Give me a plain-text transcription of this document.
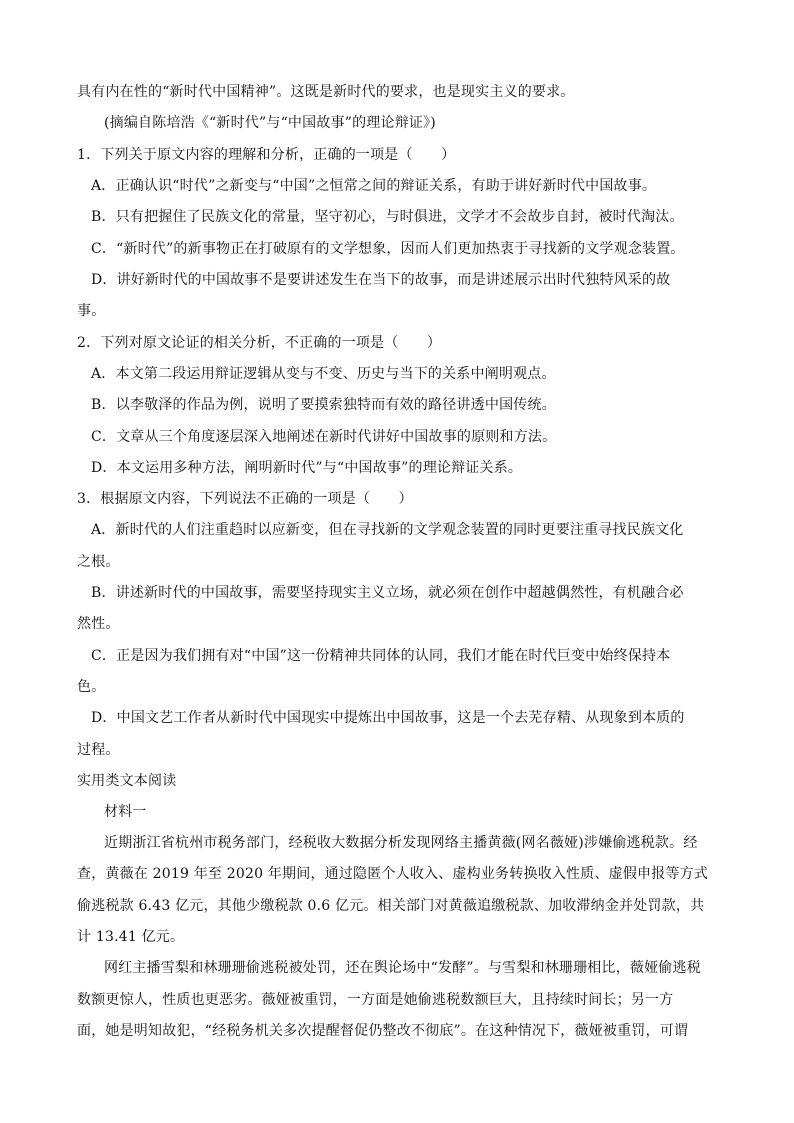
具有内在性的“新时代中国精神”。这既是新时代的要求，也是现实主义的要求。
(摘编自陈培浩《“新时代”与“中国故事”的理论辩证》)
1．下列关于原文内容的理解和分析，正确的一项是（　　）
A．正确认识“时代”之新变与“中国”之恒常之间的辩证关系，有助于讲好新时代中国故事。
B．只有把握住了民族文化的常量，坚守初心，与时俱进，文学才不会故步自封，被时代淘汰。
C．“新时代”的新事物正在打破原有的文学想象，因而人们更加热衷于寻找新的文学观念装置。
D．讲好新时代的中国故事不是要讲述发生在当下的故事，而是讲述展示出时代独特风采的故
事。
2．下列对原文论证的相关分析，不正确的一项是（　　）
A．本文第二段运用辩证逻辑从变与不变、历史与当下的关系中阐明观点。
B．以李敬泽的作品为例，说明了要摸索独特而有效的路径讲透中国传统。
C．文章从三个角度逐层深入地阐述在新时代讲好中国故事的原则和方法。
D．本文运用多种方法，阐明新时代”与“中国故事”的理论辩证关系。
3．根据原文内容，下列说法不正确的一项是（　　）
A．新时代的人们注重趋时以应新变，但在寻找新的文学观念装置的同时更要注重寻找民族文化
之根。
B．讲述新时代的中国故事，需要坚持现实主义立场，就必须在创作中超越偶然性，有机融合必
然性。
C．正是因为我们拥有对“中国”这一份精神共同体的认同，我们才能在时代巨变中始终保持本
色。
D．中国文艺工作者从新时代中国现实中提炼出中国故事，这是一个去芜存精、从现象到本质的
过程。
实用类文本阅读
材料一
近期浙江省杭州市税务部门，经税收大数据分析发现网络主播黄薇(网名薇娅)涉嫌偷逃税款。经
查，黄薇在 2019 年至 2020 年期间，通过隐匿个人收入、虚构业务转换收入性质、虚假申报等方式
偷逃税款 6.43 亿元，其他少缴税款 0.6 亿元。相关部门对黄薇追缴税款、加收滞纳金并处罚款，共
计 13.41 亿元。
网红主播雪梨和林珊珊偷逃税被处罚，还在舆论场中“发酵”。与雪梨和林珊珊相比，薇娅偷逃税
数额更惊人，性质也更恶劣。薇娅被重罚，一方面是她偷逃税数额巨大，且持续时间长；另一方
面，她是明知故犯，“经税务机关多次提醒督促仍整改不彻底”。在这种情况下，薇娅被重罚，可谓
